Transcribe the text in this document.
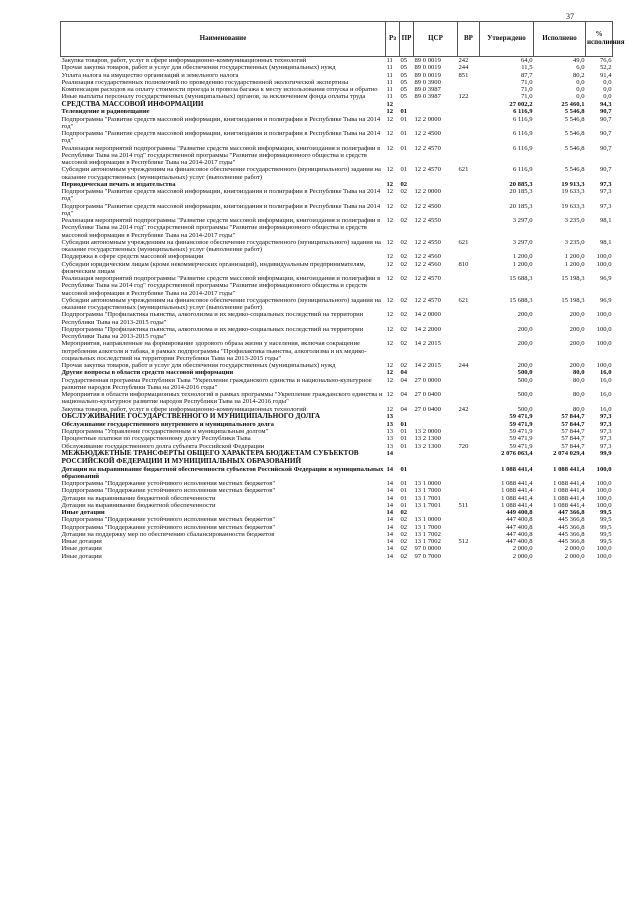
37
Наименование	Рз	ПР	ЦСР	ВР	Утверждено	Исполнено	% исполнения
Закупка товаров, работ, услуг в сфере информационно-коммуникационных технологий	11	05	89 0 0019	242	64,0	49,0	76,6
Прочая закупка товаров, работ и услуг для обеспечения государственных (муниципальных) нужд	11	05	89 0 0019	244	11,5	6,0	52,2
Уплата налога на имущество организаций и земельного налога	11	05	89 0 0019	851	87,7	80,2	91,4
Реализация государственных полномочий по проведению государственной экологической экспертизы	11	05	89 0 3900		71,0	0,0	0,0
Компенсация расходов на оплату стоимости проезда и провоза багажа к месту использования отпуска и обратно	11	05	89 0 3987		71,0	0,0	0,0
Иные выплаты персоналу государственных (муниципальных) органов, за исключением фонда оплаты труда	11	05	89 0 3987	122	71,0	0,0	0,0
СРЕДСТВА МАССОВОЙ ИНФОРМАЦИИ	12				27 002,2	25 460,1	94,3
Телевидение и радиовещание	12	01			6 116,9	5 546,8	90,7
Подпрограмма "Развитие средств массовой информации, книгоиздания и полиграфии в Республике Тыва на 2014 год"	12	01	12 2 0000		6 116,9	5 546,8	90,7
Подпрограмма "Развитие средств массовой информации, книгоиздания и полиграфии в Республике Тыва на 2014 год"	12	01	12 2 4500		6 116,9	5 546,8	90,7
Реализация мероприятий подпрограммы "Развитие средств массовой информации, книгоиздания и полиграфии в Республике Тыва на 2014 год" государственной программы "Развитие информационного общества и средств массовой информации в Республике Тыва на 2014-2017 годы"	12	01	12 2 4570		6 116,9	5 546,8	90,7
Субсидии автономным учреждениям на финансовое обеспечение государственного (муниципального) задания на оказание государственных (муниципальных) услуг (выполнение работ)	12	01	12 2 4570	621	6 116,9	5 546,8	90,7
Периодическая печать и издательства	12	02			20 885,3	19 913,3	97,3
Подпрограмма "Развитие средств массовой информации, книгоиздания и полиграфии в Республике Тыва на 2014 год"	12	02	12 2 0000		20 185,3	19 633,3	97,3
Подпрограмма "Развитие средств массовой информации, книгоиздания и полиграфии в Республике Тыва на 2014 год"	12	02	12 2 4500		20 185,3	19 633,3	97,3
Реализация мероприятий подпрограммы "Развитие средств массовой информации, книгоиздания и полиграфии в Республике Тыва на 2014 год" государственной программы "Развитие информационного общества и средств массовой информации в Республике Тыва на 2014-2017 годы"	12	02	12 2 4550		3 297,0	3 235,0	98,1
Субсидии автономным учреждениям на финансовое обеспечение государственного (муниципального) задания на оказание государственных (муниципальных) услуг (выполнение работ)	12	02	12 2 4550	621	3 297,0	3 235,0	98,1
Поддержка в сфере средств массовой информации	12	02	12 2 4560		1 200,0	1 200,0	100,0
Субсидии юридическим лицам (кроме некоммерческих организаций), индивидуальным предпринимателям, физическим лицам	12	02	12 2 4560	810	1 200,0	1 200,0	100,0
Реализация мероприятий подпрограммы "Развитие средств массовой информации, книгоиздания и полиграфии в Республике Тыва на 2014 год" государственной программы "Развитие информационного общества и средств массовой информации в Республике Тыва на 2014-2017 годы"	12	02	12 2 4570		15 688,3	15 198,3	96,9
Субсидии автономным учреждениям на финансовое обеспечение государственного (муниципального) задания на оказание государственных (муниципальных) услуг (выполнение работ)	12	02	12 2 4570	621	15 688,3	15 198,3	96,9
Подпрограмма "Профилактика пьянства, алкоголизма и их медико-социальных последствий на территории Республики Тыва на 2013-2015 годы"	12	02	14 2 0000		200,0	200,0	100,0
Подпрограмма "Профилактика пьянства, алкоголизма и их медико-социальных последствий на территории Республики Тыва на 2013-2015 годы"	12	02	14 2 2000		200,0	200,0	100,0
Мероприятия, направленные на формирование здорового образа жизни у населения, включая сокращение потребления алкоголя и табака, в рамках подпрограммы "Профилактика пьянства, алкоголизма и их медико-социальных последствий на территории Республики Тыва на 2013-2015 годы"	12	02	14 2 2015		200,0	200,0	100,0
Прочая закупка товаров, работ и услуг для обеспечения государственных (муниципальных) нужд	12	02	14 2 2015	244	200,0	200,0	100,0
Другие вопросы в области средств массовой информации	12	04			500,0	80,0	16,0
Государственная программа Республики Тыва "Укрепление гражданского единства и национально-культурное развитие народов Республики Тыва на 2014-2016 годы"	12	04	27 0 0000		500,0	80,0	16,0
Мероприятия в области информационных технологий в рамках программы "Укрепление гражданского единства и национально-культурное развитие народов Республики Тыва на 2014-2016 годы"	12	04	27 0 0400		500,0	80,0	16,0
Закупка товаров, работ, услуг в сфере информационно-коммуникационных технологий	12	04	27 0 0400	242	500,0	80,0	16,0
ОБСЛУЖИВАНИЕ ГОСУДАРСТВЕННОГО И МУНИЦИПАЛЬНОГО ДОЛГА	13				59 471,9	57 844,7	97,3
Обслуживание государственного внутреннего и муниципального долга	13	01			59 471,9	57 844,7	97,3
Подпрограмма "Управление государственным и муниципальным долгом"	13	01	13 2 0000		59 471,9	57 844,7	97,3
Процентные платежи по государственному долгу Республики Тыва	13	01	13 2 1300		59 471,9	57 844,7	97,3
Обслуживание государственного долга субъекта Российской Федерации	13	01	13 2 1300	720	59 471,9	57 844,7	97,3
МЕЖБЮДЖЕТНЫЕ ТРАНСФЕРТЫ ОБЩЕГО ХАРАКТЕРА БЮДЖЕТАМ СУБЪЕКТОВ РОССИЙСКОЙ ФЕДЕРАЦИИ И МУНИЦИПАЛЬНЫХ ОБРАЗОВАНИЙ	14				2 076 063,4	2 074 029,4	99,9
Дотации на выравнивание бюджетной обеспеченности субъектов Российской Федерации и муниципальных образований	14	01			1 088 441,4	1 088 441,4	100,0
Подпрограмма "Поддержание устойчивого исполнения местных бюджетов"	14	01	13 1 0000		1 088 441,4	1 088 441,4	100,0
Подпрограмма "Поддержание устойчивого исполнения местных бюджетов"	14	01	13 1 7000		1 088 441,4	1 088 441,4	100,0
Дотации на выравнивание бюджетной обеспеченности	14	01	13 1 7001		1 088 441,4	1 088 441,4	100,0
Дотации на выравнивание бюджетной обеспеченности	14	01	13 1 7001	511	1 088 441,4	1 088 441,4	100,0
Иные дотации	14	02			449 400,8	447 366,8	99,5
Подпрограмма "Поддержание устойчивого исполнения местных бюджетов"	14	02	13 1 0000		447 400,8	445 366,8	99,5
Подпрограмма "Поддержание устойчивого исполнения местных бюджетов"	14	02	13 1 7000		447 400,8	445 366,8	99,5
Дотации на поддержку мер по обеспечению сбалансированности бюджетов	14	02	13 1 7002		447 400,8	445 366,8	99,5
Иные дотации	14	02	13 1 7002	512	447 400,8	445 366,8	99,5
Иные дотации	14	02	97 0 0000		2 000,0	2 000,0	100,0
Иные дотации	14	02	97 0 7000		2 000,0	2 000,0	100,0
